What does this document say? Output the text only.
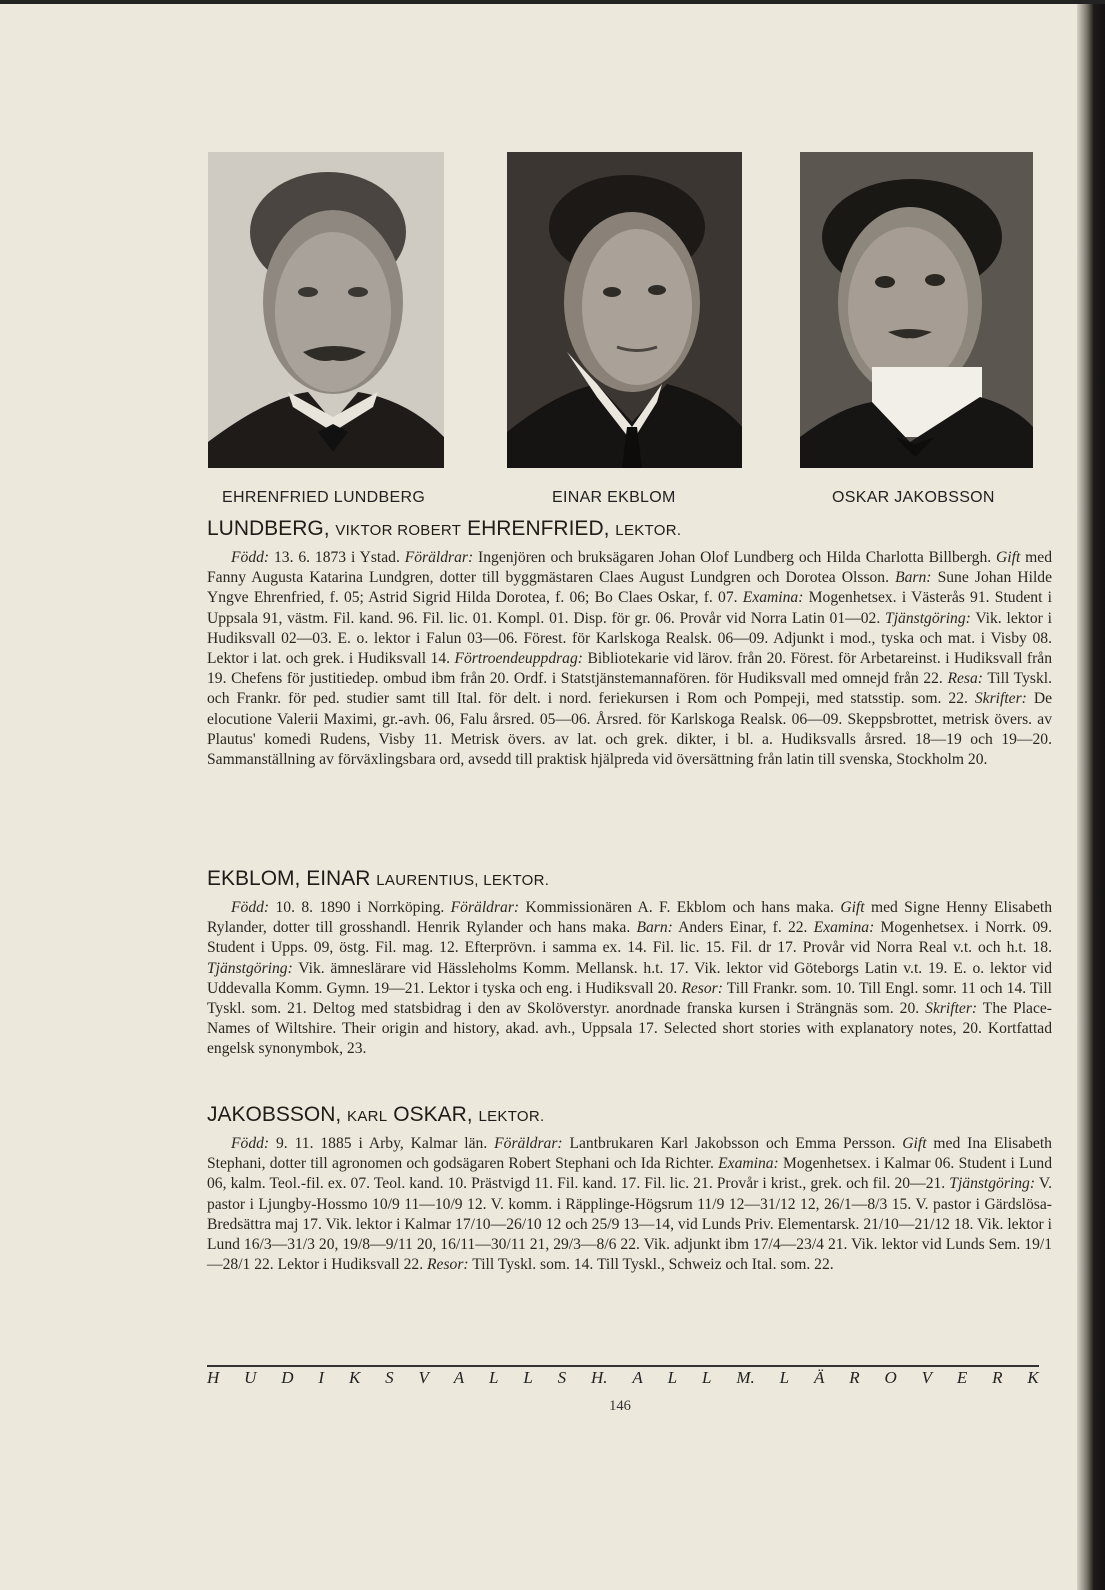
EHRENFRIED LUNDBERG	EINAR EKBLOM	OSKAR JAKOBSSON
LUNDBERG, VIKTOR ROBERT EHRENFRIED, LEKTOR.

Född: 13. 6. 1873 i Ystad. Föräldrar: Ingenjören och bruksägaren Johan Olof Lundberg och Hilda Charlotta Billbergh. Gift med Fanny Augusta Katarina Lundgren, dotter till byggmästaren Claes August Lundgren och Dorotea Olsson. Barn: Sune Johan Hilde Yngve Ehrenfried, f. 05; Astrid Sigrid Hilda Dorotea, f. 06; Bo Claes Oskar, f. 07. Examina: Mogenhetsex. i Västerås 91. Student i Uppsala 91, västm. Fil. kand. 96. Fil. lic. 01. Kompl. 01. Disp. för gr. 06. Provår vid Norra Latin 01—02. Tjänstgöring: Vik. lektor i Hudiksvall 02—03. E. o. lektor i Falun 03—06. Förest. för Karlskoga Realsk. 06—09. Adjunkt i mod., tyska och mat. i Visby 08. Lektor i lat. och grek. i Hudiksvall 14. Förtroendeuppdrag: Bibliotekarie vid lärov. från 20. Förest. för Arbetareinst. i Hudiksvall från 19. Chefens för justitiedep. ombud ibm från 20. Ordf. i Statstjänstemannafören. för Hudiksvall med omnejd från 22. Resa: Till Tyskl. och Frankr. för ped. studier samt till Ital. för delt. i nord. feriekursen i Rom och Pompeji, med statsstip. som. 22. Skrifter: De elocutione Valerii Maximi, gr.-avh. 06, Falu årsred. 05—06. Årsred. för Karlskoga Realsk. 06—09. Skeppsbrottet, metrisk övers. av Plautus' komedi Rudens, Visby 11. Metrisk övers. av lat. och grek. dikter, i bl. a. Hudiksvalls årsred. 18—19 och 19—20. Sammanställning av förväxlingsbara ord, avsedd till praktisk hjälpreda vid översättning från latin till svenska, Stockholm 20.

EKBLOM, EINAR LAURENTIUS, LEKTOR.

Född: 10. 8. 1890 i Norrköping. Föräldrar: Kommissionären A. F. Ekblom och hans maka. Gift med Signe Henny Elisabeth Rylander, dotter till grosshandl. Henrik Rylander och hans maka. Barn: Anders Einar, f. 22. Examina: Mogenhetsex. i Norrk. 09. Student i Upps. 09, östg. Fil. mag. 12. Efterprövn. i samma ex. 14. Fil. lic. 15. Fil. dr 17. Provår vid Norra Real v.t. och h.t. 18. Tjänstgöring: Vik. ämneslärare vid Hässleholms Komm. Mellansk. h.t. 17. Vik. lektor vid Göteborgs Latin v.t. 19. E. o. lektor vid Uddevalla Komm. Gymn. 19—21. Lektor i tyska och eng. i Hudiksvall 20. Resor: Till Frankr. som. 10. Till Engl. somr. 11 och 14. Till Tyskl. som. 21. Deltog med statsbidrag i den av Skolöverstyr. anordnade franska kursen i Strängnäs som. 20. Skrifter: The Place-Names of Wiltshire. Their origin and history, akad. avh., Uppsala 17. Selected short stories with explanatory notes, 20. Kortfattad engelsk synonymbok, 23.

JAKOBSSON, KARL OSKAR, LEKTOR.

Född: 9. 11. 1885 i Arby, Kalmar län. Föräldrar: Lantbrukaren Karl Jakobsson och Emma Persson. Gift med Ina Elisabeth Stephani, dotter till agronomen och godsägaren Robert Stephani och Ida Richter. Examina: Mogenhetsex. i Kalmar 06. Student i Lund 06, kalm. Teol.-fil. ex. 07. Teol. kand. 10. Prästvigd 11. Fil. kand. 17. Fil. lic. 21. Provår i krist., grek. och fil. 20—21. Tjänstgöring: V. pastor i Ljungby-Hossmo 10/9 11—10/9 12. V. komm. i Räpplinge-Högsrum 11/9 12—31/12 12, 26/1—8/3 15. V. pastor i Gärdslösa-Bredsättra maj 17. Vik. lektor i Kalmar 17/10—26/10 12 och 25/9 13—14, vid Lunds Priv. Elementarsk. 21/10—21/12 18. Vik. lektor i Lund 16/3—31/3 20, 19/8—9/11 20, 16/11—30/11 21, 29/3—8/6 22. Vik. adjunkt ibm 17/4—23/4 21. Vik. lektor vid Lunds Sem. 19/1—28/1 22. Lektor i Hudiksvall 22. Resor: Till Tyskl. som. 14. Till Tyskl., Schweiz och Ital. som. 22.

H U D I K S V A L L S H. A L L M. L Ä R O V E R K
146
